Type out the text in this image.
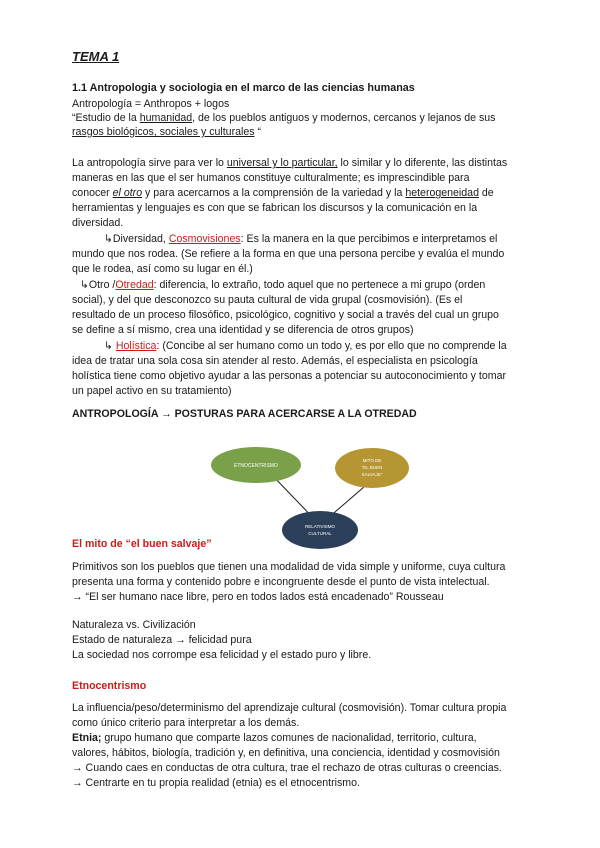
TEMA 1
1.1 Antropologia y sociologia en el marco de las ciencias humanas
Antropología = Anthropos + logos
“Estudio de la humanidad, de los pueblos antiguos y modernos, cercanos y lejanos de sus
rasgos biológicos, sociales y culturales “
La antropología sirve para ver lo universal y lo particular, lo similar y lo diferente, las distintas
maneras en las que el ser humanos constituye culturalmente; es imprescindible para
conocer el otro y para acercarnos a la comprensión de la variedad y la heterogeneidad de
herramientas y lenguajes es con que se fabrican los discursos y la comunicación en la
diversidad.
↳Diversidad, Cosmovisiones: Es la manera en la que percibimos e interpretamos el
mundo que nos rodea. (Se refiere a la forma en que una persona percibe y evalúa el mundo
que le rodea, así como su lugar en él.)
↳Otro /Otredad: diferencia, lo extraño, todo aquel que no pertenece a mi grupo (orden
social), y del que desconozco su pauta cultural de vida grupal (cosmovisión). (Es el
resultado de un proceso filosófico, psicológico, cognitivo y social a través del cual un grupo
se define a sí mismo, crea una identidad y se diferencia de otros grupos)
↳ Holística: (Concibe al ser humano como un todo y, es por ello que no comprende la
idea de tratar una sola cosa sin atender al resto. Además, el especialista en psicología
holística tiene como objetivo ayudar a las personas a potenciar su autoconocimiento y tomar
un papel activo en su tratamiento)
ANTROPOLOGÍA → POSTURAS PARA ACERCARSE A LA OTREDAD
ETNOCENTRISMO
MITO DE
"EL BUEN
SALVAJE"
RELATIVISMO
CULTURAL
El mito de “el buen salvaje”
Primitivos son los pueblos que tienen una modalidad de vida simple y uniforme, cuya cultura
presenta una forma y contenido pobre e incongruente desde el punto de vista intelectual.
→ “El ser humano nace libre, pero en todos lados está encadenado” Rousseau
Naturaleza vs. Civilización
Estado de naturaleza → felicidad pura
La sociedad nos corrompe esa felicidad y el estado puro y libre.
Etnocentrismo
La influencia/peso/determinismo del aprendizaje cultural (cosmovisión). Tomar cultura propia
como único criterio para interpretar a los demás.
Etnia; grupo humano que comparte lazos comunes de nacionalidad, territorio, cultura,
valores, hábitos, biología, tradición y, en definitiva, una conciencia, identidad y cosmovisión
→ Cuando caes en conductas de otra cultura, trae el rechazo de otras culturas o creencias.
→ Centrarte en tu propia realidad (etnia) es el etnocentrismo.
